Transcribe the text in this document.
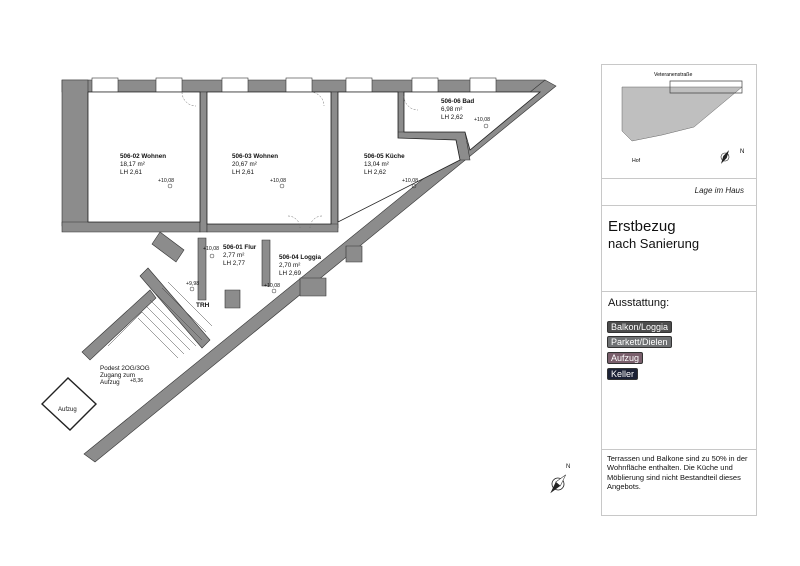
Aufzug
506-02 Wohnen
18,17 m²
LH 2,61
+10,08
506-03 Wohnen
20,67 m²
LH 2,61
+10,08
506-05 Küche
13,04 m²
LH 2,62
+10,08
506-06 Bad
6,98 m²
LH 2,62 +10,08
+10,08 506-01 Flur
2,77 m²
LH 2,77
506-04 Loggia
2,70 m²
LH 2,69
+10,08
+9,98
TRH
Podest 2OG/3OG
Zugang zum
Aufzug +8,36
N
Veteranenstraße
Hof
N
Lage im Haus
Erstbezug
nach Sanierung
Ausstattung:
Balkon/Loggia
Parkett/Dielen
Aufzug
Keller
Terrassen und Balkone sind zu 50% in der Wohnfläche enthalten. Die Küche und Möblierung sind nicht Bestandteil dieses Angebots.
